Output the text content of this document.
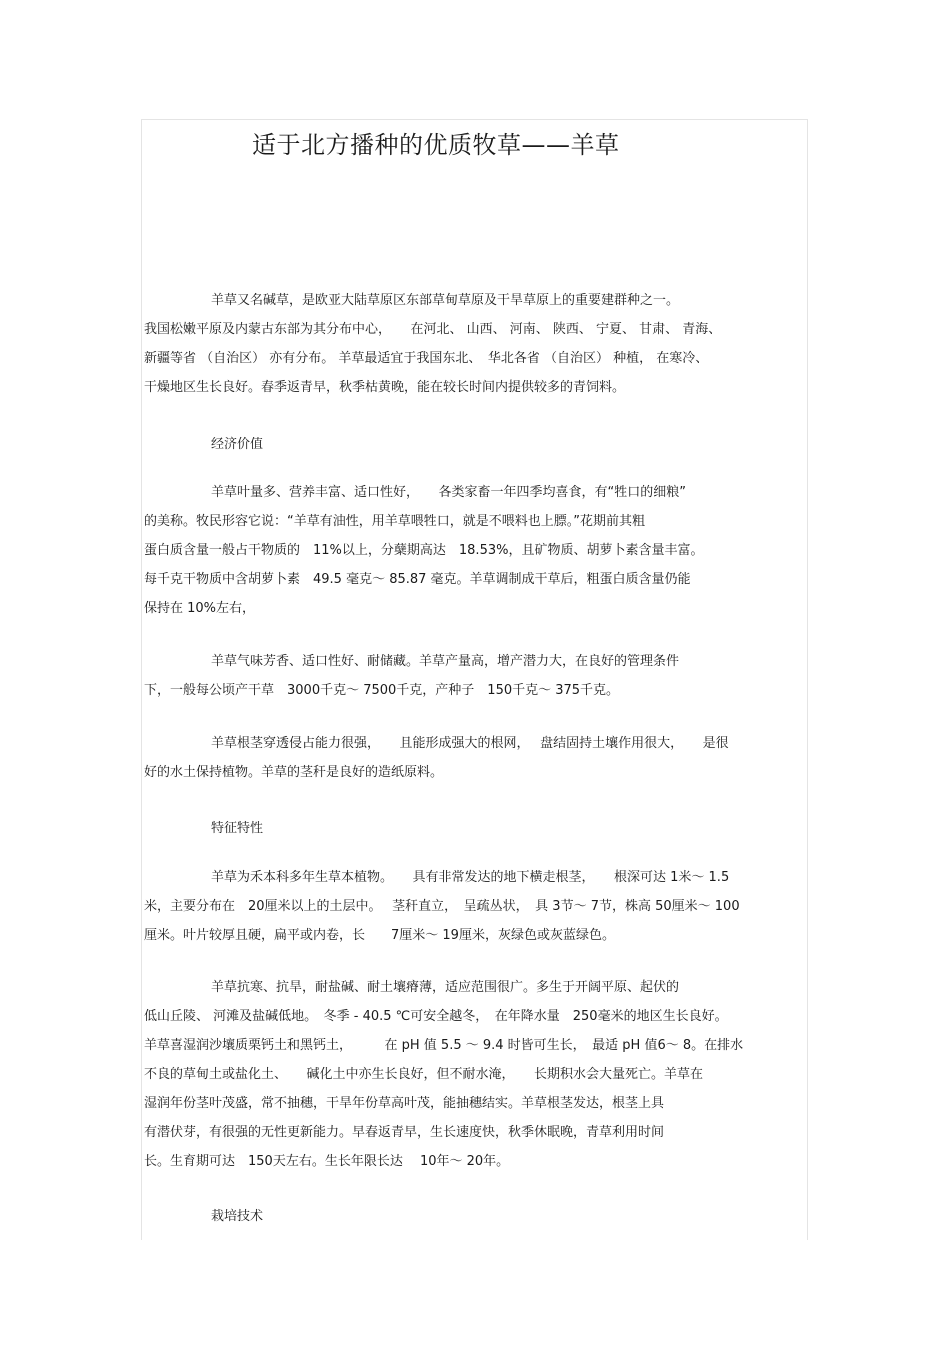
适于北方播种的优质牧草——羊草
羊草又名碱草，是欧亚大陆草原区东部草甸草原及干旱草原上的重要建群种之一。
我国松嫩平原及内蒙古东部为其分布中心，　　在河北、 山西、 河南、 陕西、 宁夏、 甘肃、 青海、
新疆等省 （自治区） 亦有分布。 羊草最适宜于我国东北、　华北各省 （自治区） 种植， 在寒冷、
干燥地区生长良好。春季返青早，秋季枯黄晚，能在较长时间内提供较多的青饲料。
经济价值
羊草叶量多、营养丰富、适口性好，　　各类家畜一年四季均喜食，有“牲口的细粮”
的美称。牧民形容它说：“羊草有油性，用羊草喂牲口，就是不喂料也上膘。”花期前其粗
蛋白质含量一般占干物质的　11%以上，分蘖期高达　18.53%，且矿物质、胡萝卜素含量丰富。
每千克干物质中含胡萝卜素　49.5 毫克～ 85.87 毫克。羊草调制成干草后，粗蛋白质含量仍能
保持在 10%左右，
羊草气味芳香、适口性好、耐储藏。羊草产量高，增产潜力大，在良好的管理条件
下，一般每公顷产干草　3000千克～ 7500千克，产种子　150千克～ 375千克。
羊草根茎穿透侵占能力很强，　　且能形成强大的根网，　 盘结固持土壤作用很大，　　是很
好的水土保持植物。羊草的茎秆是良好的造纸原料。
特征特性
羊草为禾本科多年生草本植物。　　具有非常发达的地下横走根茎，　　根深可达 1米～ 1.5
米，主要分布在　20厘米以上的土层中。　 茎秆直立，　呈疏丛状，　具 3节～ 7节，株高 50厘米～ 100
厘米。叶片较厚且硬，扁平或内卷，长　　7厘米～ 19厘米，灰绿色或灰蓝绿色。
羊草抗寒、抗旱，耐盐碱、耐土壤瘠薄，适应范围很广。多生于开阔平原、起伏的
低山丘陵、 河滩及盐碱低地。　冬季 - 40.5 ℃可安全越冬，　在年降水量　250毫米的地区生长良好。
羊草喜湿润沙壤质栗钙土和黑钙土，　　　在 pH 值 5.5 ～ 9.4 时皆可生长，　最适 pH 值6～ 8。在排水
不良的草甸土或盐化土、　　碱化土中亦生长良好，但不耐水淹，　　长期积水会大量死亡。羊草在
湿润年份茎叶茂盛，常不抽穗，干旱年份草高叶茂，能抽穗结实。羊草根茎发达，根茎上具
有潜伏芽，有很强的无性更新能力。早春返青早，生长速度快，秋季休眠晚，青草利用时间
长。生育期可达　150天左右。生长年限长达　 10年～ 20年。
栽培技术
